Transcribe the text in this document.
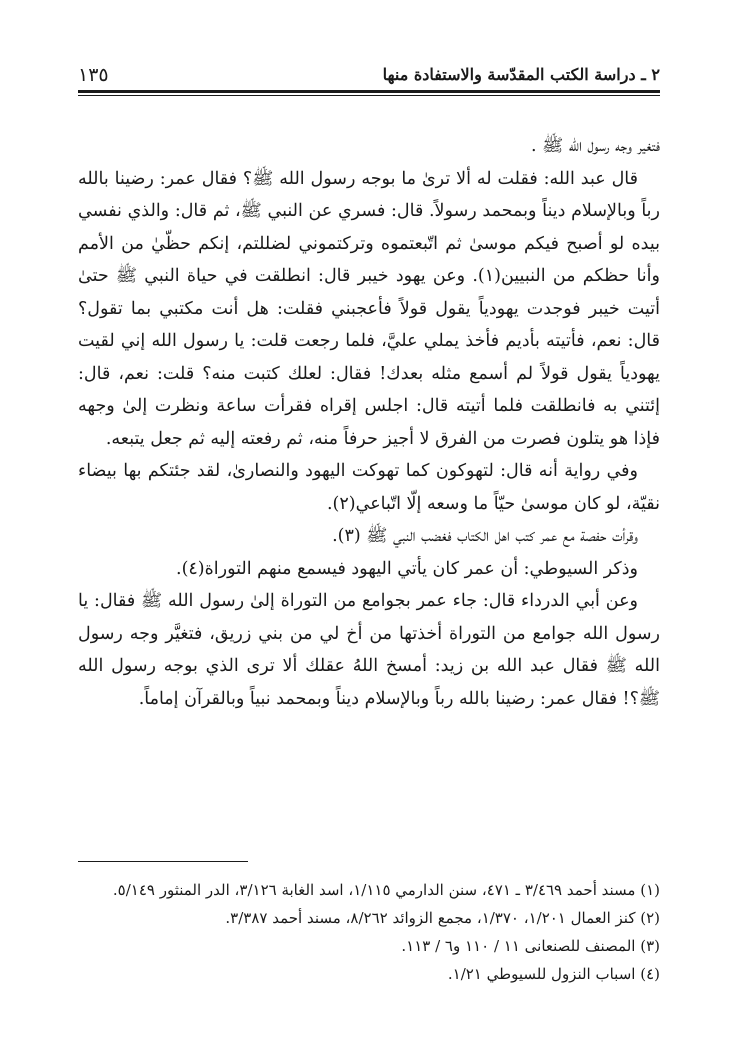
٢ ـ دراسة الكتب المقدّسة والاستفادة منها
١٣٥

فتغير وجه رسول الله ﷺ .

قال عبد الله: فقلت له ألا ترىٰ ما بوجه رسول الله ﷺ؟ فقال عمر: رضينا بالله رباً وبالإسلام ديناً وبمحمد رسولاً. قال: فسري عن النبي ﷺ، ثم قال: والذي نفسي بيده لو أصبح فيكم موسىٰ ثم اتّبعتموه وتركتموني لضللتم، إنكم حظّيٰ من الأمم وأنا حظكم من النبيين(١). وعن يهود خيبر قال: انطلقت في حياة النبي ﷺ حتىٰ أتيت خيبر فوجدت يهودياً يقول قولاً فأعجبني فقلت: هل أنت مكتبي بما تقول؟ قال: نعم، فأتيته بأديم فأخذ يملي عليَّ، فلما رجعت قلت: يا رسول الله إني لقيت يهودياً يقول قولاً لم أسمع مثله بعدك! فقال: لعلك كتبت منه؟ قلت: نعم، قال: إئتني به فانطلقت فلما أتيته قال: اجلس إقراه فقرأت ساعة ونظرت إلىٰ وجهه فإذا هو يتلون فصرت من الفرق لا أجيز حرفاً منه، ثم رفعته إليه ثم جعل يتبعه.

وفي رواية أنه قال: لتهوكون كما تهوكت اليهود والنصارىٰ، لقد جئتكم بها بيضاء نقيّة، لو كان موسىٰ حيّاً ما وسعه إلّا اتّباعي(٢).

وقرأت حفصة مع عمر كتب اهل الكتاب فغضب النبي ﷺ (٣).

وذكر السيوطي: أن عمر كان يأتي اليهود فيسمع منهم التوراة(٤).

وعن أبي الدرداء قال: جاء عمر بجوامع من التوراة إلىٰ رسول الله ﷺ فقال: يا رسول الله جوامع من التوراة أخذتها من أخ لي من بني زريق، فتغيَّر وجه رسول الله ﷺ فقال عبد الله بن زيد: أمسخ اللهُ عقلك ألا ترى الذي بوجه رسول الله ﷺ؟! فقال عمر: رضينا بالله رباً وبالإسلام ديناً وبمحمد نبياً وبالقرآن إماماً.

(١) مسند أحمد ٣/٤٦٩ ـ ٤٧١، سنن الدارمي ١/١١٥، اسد الغابة ٣/١٢٦، الدر المنثور ٥/١٤٩.

(٢) كنز العمال ١/٢٠١، ١/٣٧٠، مجمع الزوائد ٨/٢٦٢، مسند أحمد ٣/٣٨٧.

(٣) المصنف للصنعانى ١١ / ١١٠ و٦ / ١١٣.

(٤) اسباب النزول للسيوطي ١/٢١.
